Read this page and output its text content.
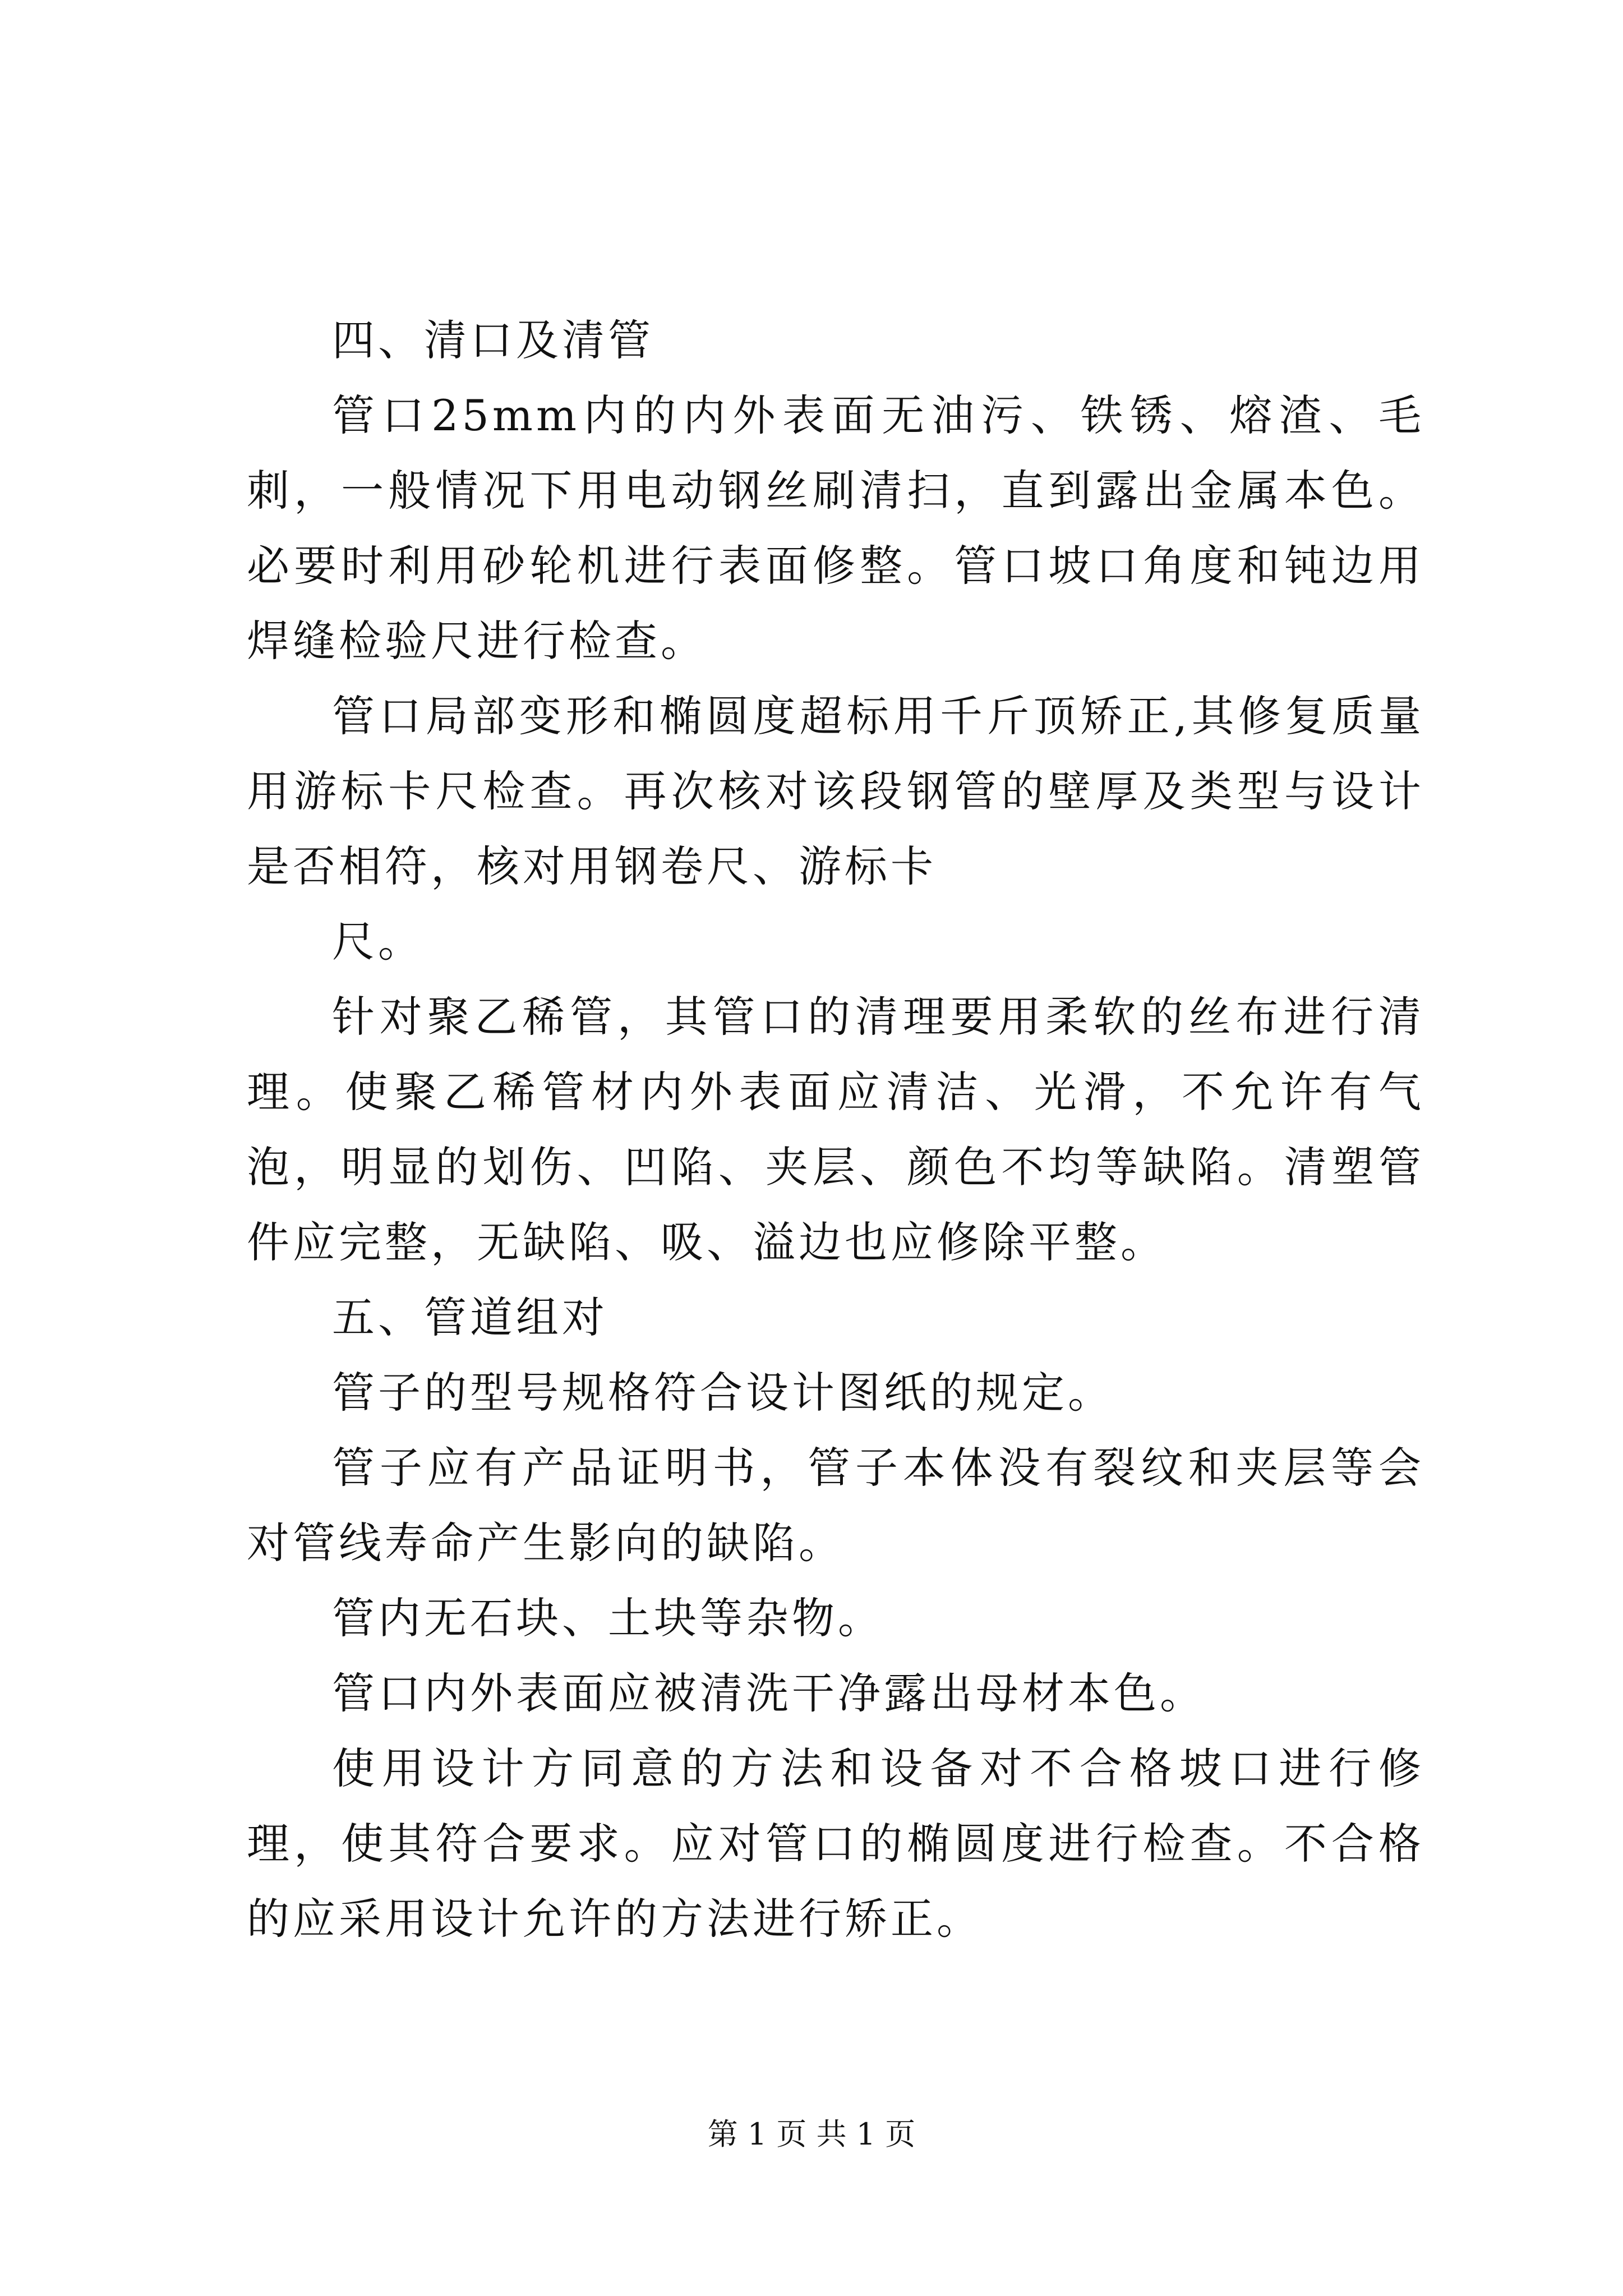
四、清口及清管

管口25mm内的内外表面无油污、铁锈、熔渣、毛刺，一般情况下用电动钢丝刷清扫，直到露出金属本色。必要时利用砂轮机进行表面修整。管口坡口角度和钝边用焊缝检验尺进行检查。

管口局部变形和椭圆度超标用千斤顶矫正,其修复质量用游标卡尺检查。再次核对该段钢管的壁厚及类型与设计是否相符，核对用钢卷尺、游标卡

尺。

针对聚乙稀管，其管口的清理要用柔软的丝布进行清理。使聚乙稀管材内外表面应清洁、光滑，不允许有气泡，明显的划伤、凹陷、夹层、颜色不均等缺陷。清塑管件应完整，无缺陷、吸、溢边也应修除平整。

五、管道组对

管子的型号规格符合设计图纸的规定。

管子应有产品证明书，管子本体没有裂纹和夹层等会对管线寿命产生影向的缺陷。

管内无石块、土块等杂物。

管口内外表面应被清洗干净露出母材本色。

使用设计方同意的方法和设备对不合格坡口进行修理，使其符合要求。应对管口的椭圆度进行检查。不合格的应采用设计允许的方法进行矫正。

第 1 页 共 1 页
